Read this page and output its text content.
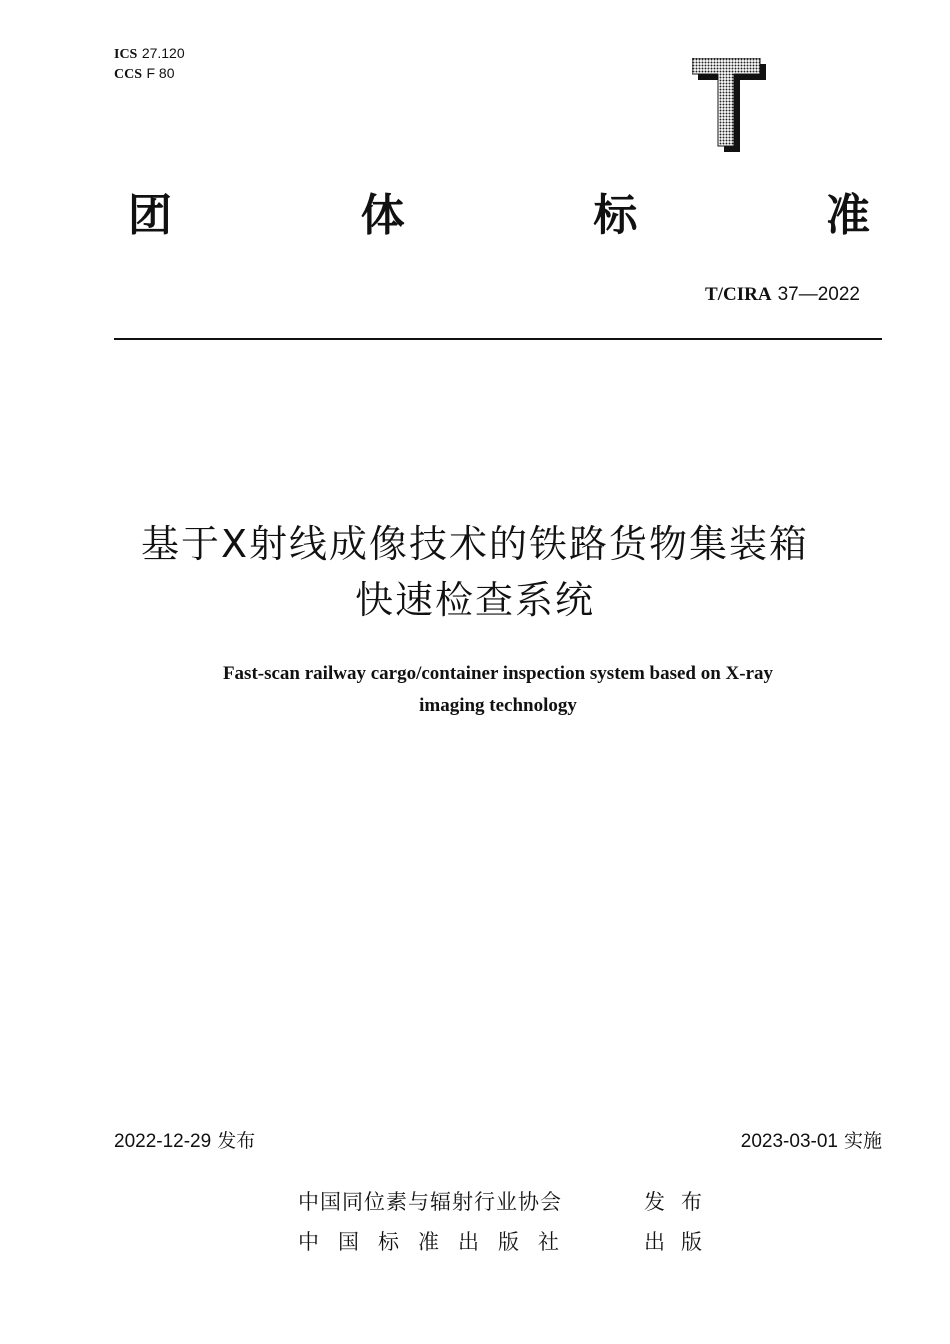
ICS 27.120
CCS F 80
团	体	标	准
T/CIRA 37—2022
基于X射线成像技术的铁路货物集装箱
快速检查系统
Fast-scan railway cargo/container inspection system based on X-ray
imaging technology
2022-12-29 发布	2023-03-01 实施
中国同位素与辐射行业协会	发布
中国标准出版社	出版
